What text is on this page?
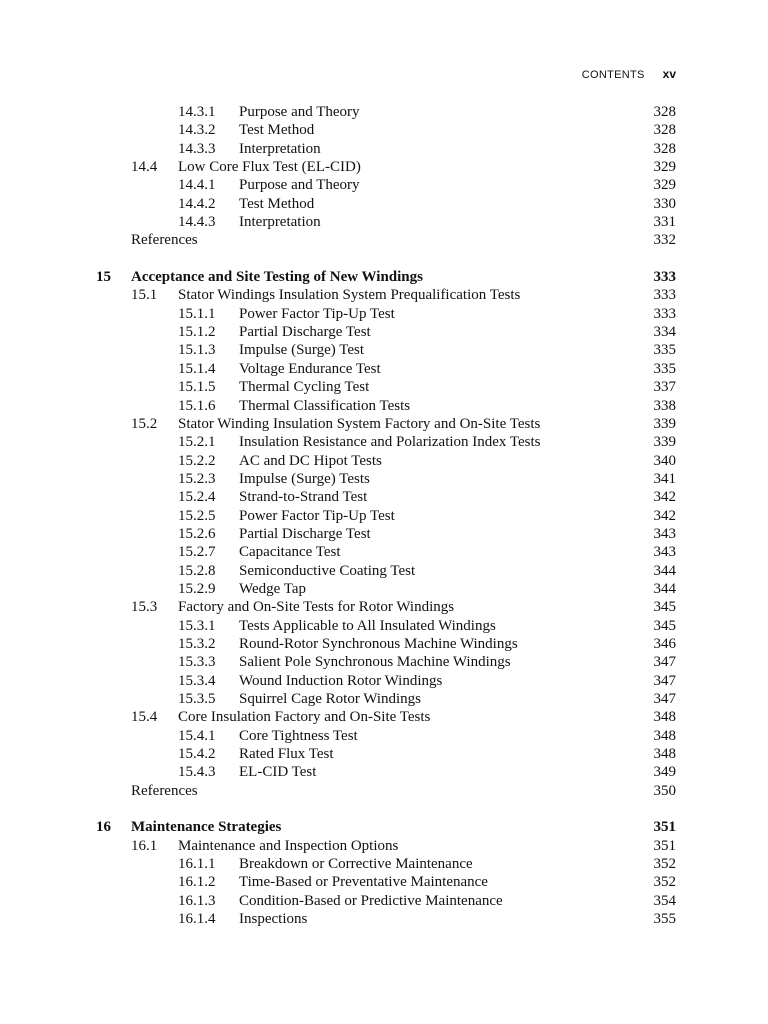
CONTENTS xv
14.3.1 Purpose and Theory	328
14.3.2 Test Method	328
14.3.3 Interpretation	328
14.4 Low Core Flux Test (EL-CID)	329
14.4.1 Purpose and Theory	329
14.4.2 Test Method	330
14.4.3 Interpretation	331
References	332
15 Acceptance and Site Testing of New Windings	333
15.1 Stator Windings Insulation System Prequalification Tests	333
15.1.1 Power Factor Tip-Up Test	333
15.1.2 Partial Discharge Test	334
15.1.3 Impulse (Surge) Test	335
15.1.4 Voltage Endurance Test	335
15.1.5 Thermal Cycling Test	337
15.1.6 Thermal Classification Tests	338
15.2 Stator Winding Insulation System Factory and On-Site Tests	339
15.2.1 Insulation Resistance and Polarization Index Tests	339
15.2.2 AC and DC Hipot Tests	340
15.2.3 Impulse (Surge) Tests	341
15.2.4 Strand-to-Strand Test	342
15.2.5 Power Factor Tip-Up Test	342
15.2.6 Partial Discharge Test	343
15.2.7 Capacitance Test	343
15.2.8 Semiconductive Coating Test	344
15.2.9 Wedge Tap	344
15.3 Factory and On-Site Tests for Rotor Windings	345
15.3.1 Tests Applicable to All Insulated Windings	345
15.3.2 Round-Rotor Synchronous Machine Windings	346
15.3.3 Salient Pole Synchronous Machine Windings	347
15.3.4 Wound Induction Rotor Windings	347
15.3.5 Squirrel Cage Rotor Windings	347
15.4 Core Insulation Factory and On-Site Tests	348
15.4.1 Core Tightness Test	348
15.4.2 Rated Flux Test	348
15.4.3 EL-CID Test	349
References	350
16 Maintenance Strategies	351
16.1 Maintenance and Inspection Options	351
16.1.1 Breakdown or Corrective Maintenance	352
16.1.2 Time-Based or Preventative Maintenance	352
16.1.3 Condition-Based or Predictive Maintenance	354
16.1.4 Inspections	355
